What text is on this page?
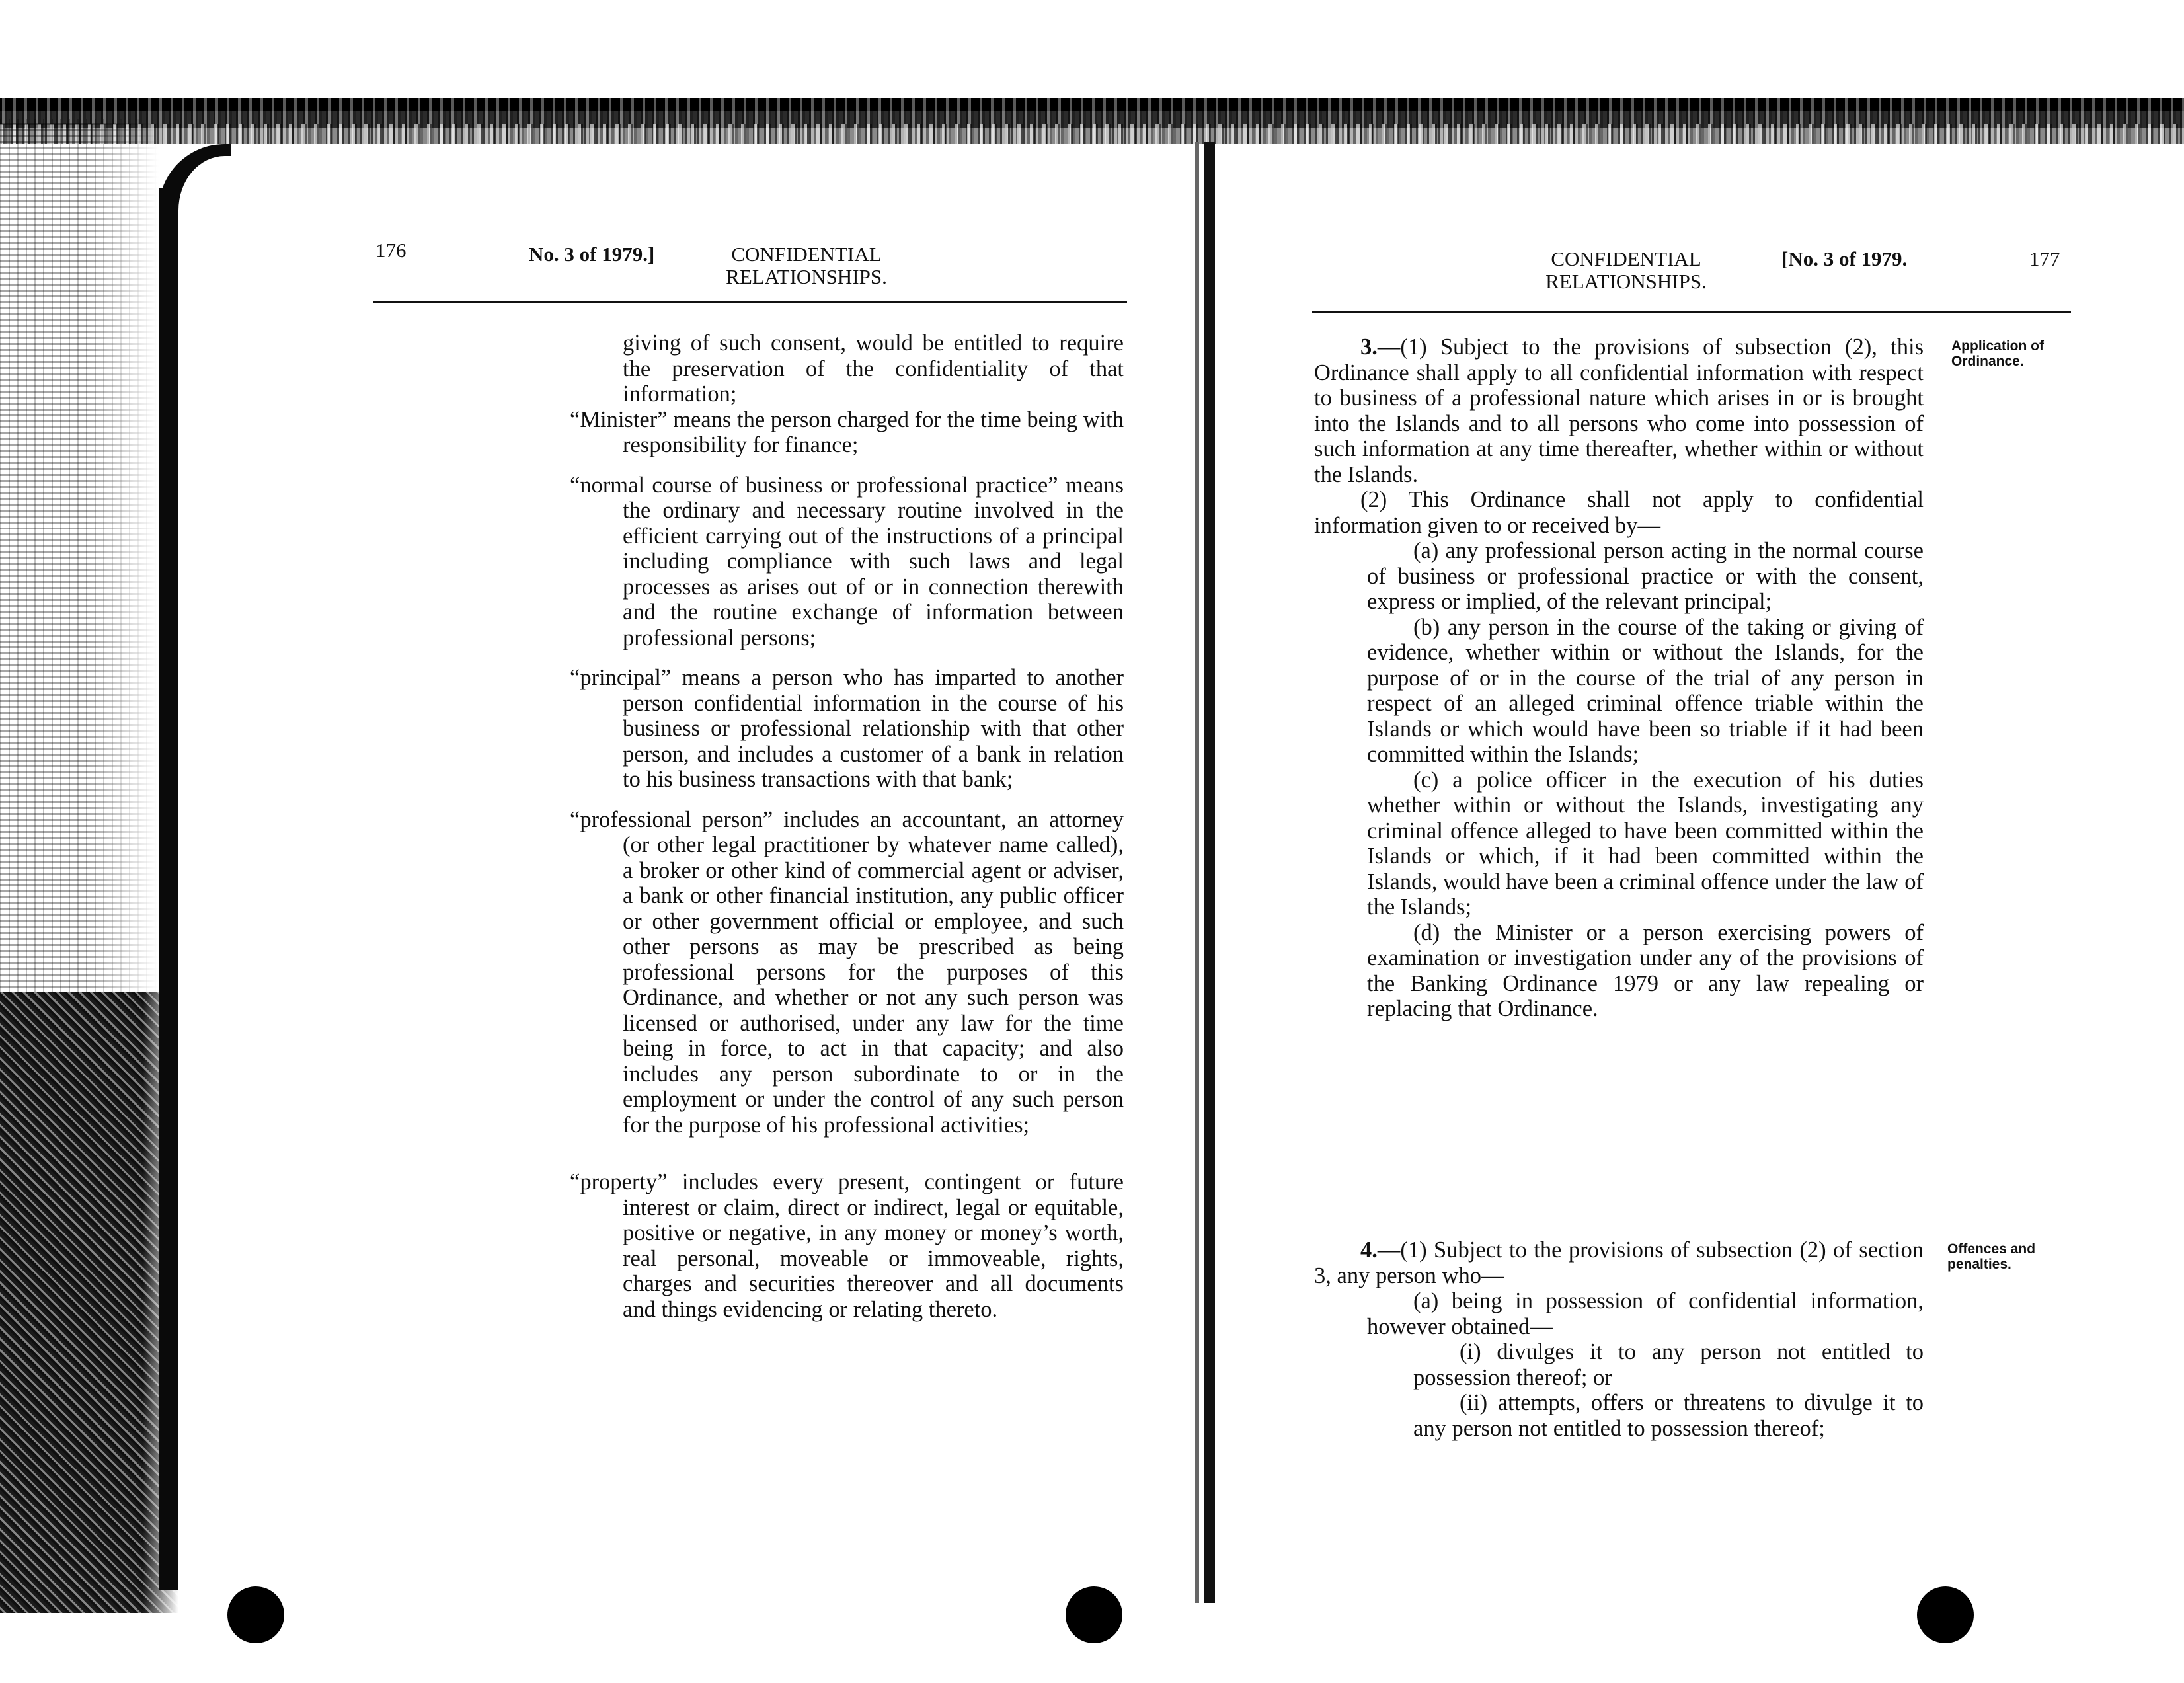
176	No. 3 of 1979.]	CONFIDENTIAL
RELATIONSHIPS.

giving of such consent, would be entitled to require the preservation of the confidentiality of that information;

“Minister” means the person charged for the time being with responsibility for finance;

“normal course of business or professional practice” means the ordinary and necessary routine involved in the efficient carrying out of the instructions of a principal including compliance with such laws and legal processes as arises out of or in connection therewith and the routine exchange of information between professional persons;

“principal” means a person who has imparted to another person confidential information in the course of his business or professional relationship with that other person, and includes a customer of a bank in relation to his business transactions with that bank;

“professional person” includes an accountant, an attorney (or other legal practitioner by whatever name called), a broker or other kind of commercial agent or adviser, a bank or other financial institution, any public officer or other government official or employee, and such other persons as may be prescribed as being professional persons for the purposes of this Ordinance, and whether or not any such person was licensed or authorised, under any law for the time being in force, to act in that capacity; and also includes any person subordinate to or in the employment or under the control of any such person for the purpose of his professional activities;

“property” includes every present, contingent or future interest or claim, direct or indirect, legal or equitable, positive or negative, in any money or money’s worth, real personal, moveable or immoveable, rights, charges and securities thereover and all documents and things evidencing or relating thereto.

CONFIDENTIAL
RELATIONSHIPS.
[No. 3 of 1979.	177

3.—(1) Subject to the provisions of subsection (2), this Ordinance shall apply to all confidential information with respect to business of a professional nature which arises in or is brought into the Islands and to all persons who come into possession of such information at any time thereafter, whether within or without the Islands.

(2) This Ordinance shall not apply to confidential information given to or received by—

(a) any professional person acting in the normal course of business or professional practice or with the consent, express or implied, of the relevant principal;

(b) any person in the course of the taking or giving of evidence, whether within or without the Islands, for the purpose of or in the course of the trial of any person in respect of an alleged criminal offence triable within the Islands or which would have been so triable if it had been committed within the Islands;

(c) a police officer in the execution of his duties whether within or without the Islands, investigating any criminal offence alleged to have been committed within the Islands or which, if it had been committed within the Islands, would have been a criminal offence under the law of the Islands;

(d) the Minister or a person exercising powers of examination or investigation under any of the provisions of the Banking Ordinance 1979 or any law repealing or replacing that Ordinance.

4.—(1) Subject to the provisions of subsection (2) of section 3, any person who—

(a) being in possession of confidential information, however obtained—

(i) divulges it to any person not entitled to possession thereof; or

(ii) attempts, offers or threatens to divulge it to any person not entitled to possession thereof;

Application of
Ordinance.
Offences and
penalties.
